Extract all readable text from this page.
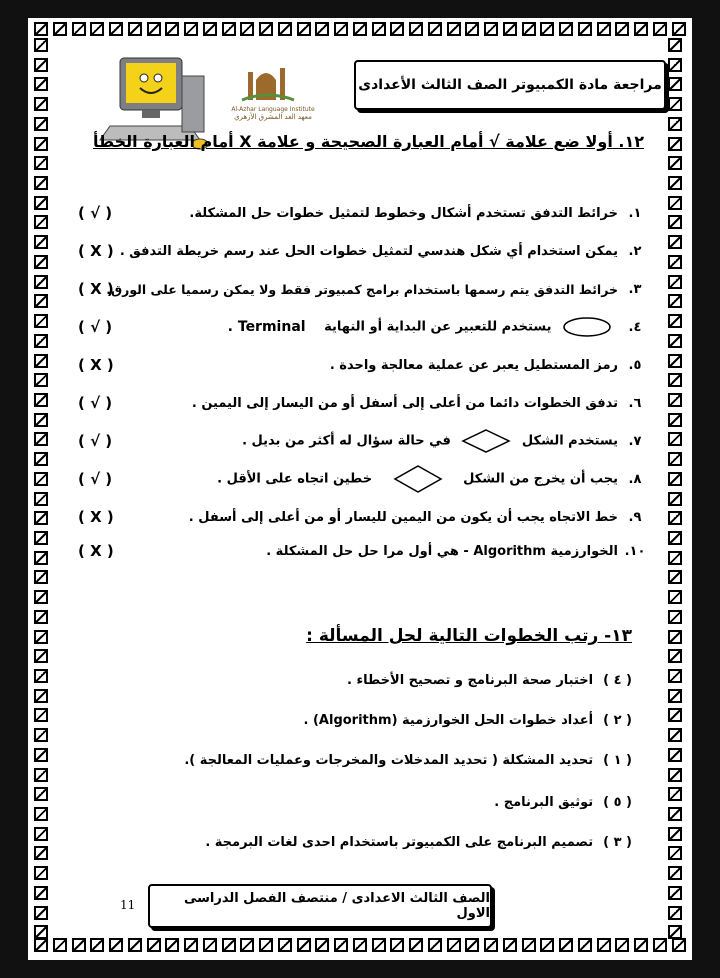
Al-Azhar Language Institute
معهد الغد المشرق الأزهري
مراجعة مادة الكمبيوتر الصف الثالث الأعدادى
١٢. أولا ضع علامة √ أمام العبارة الصحيحة و علامة X أمام العبارة الخطأ
١.
خرائط التدفق تستخدم أشكال وخطوط لتمثيل خطوات حل المشكلة.
( √ )
٢.
يمكن استخدام أي شكل هندسي لتمثيل خطوات الحل عند رسم خريطة التدفق .
( X )
٣.
خرائط التدفق يتم رسمها باستخدام برامج كمبيوتر فقط ولا يمكن رسميا على الورق.
( X )
٤.
يستخدم للتعبير عن البداية أو النهاية Terminal .
( √ )
٥.
رمز المستطيل يعبر عن عملية معالجة واحدة .
( X )
٦.
تدفق الخطوات دائما من أعلى إلى أسفل أو من اليسار إلى اليمين .
( √ )
٧.
يستخدم الشكل  في حالة سؤال له أكثر من بديل .
( √ )
٨.
يجب أن يخرج من الشكل  خطين اتجاه على الأقل .
( √ )
٩.
خط الاتجاه يجب أن يكون من اليمين لليسار أو من أعلى إلى أسفل .
( X )
١٠.
الخوارزمية Algorithm - هي أول مرا حل حل المشكلة .
( X )
١٣- رتب الخطوات التالية لحل المسألة :
( ٤ )
اختبار صحة البرنامج و تصحيح الأخطاء .
( ٢ )
أعداد خطوات الحل الخوارزمية (Algorithm) .
( ١ )
تحديد المشكلة ( تحديد المدخلات والمخرجات وعمليات المعالجة ).
( ٥ )
توثيق البرنامج .
( ٣ )
تصميم البرنامج على الكمبيوتر باستخدام احدى لغات البرمجة .
الصف الثالث الاعدادى / منتصف الفصل الدراسى الاول
11
